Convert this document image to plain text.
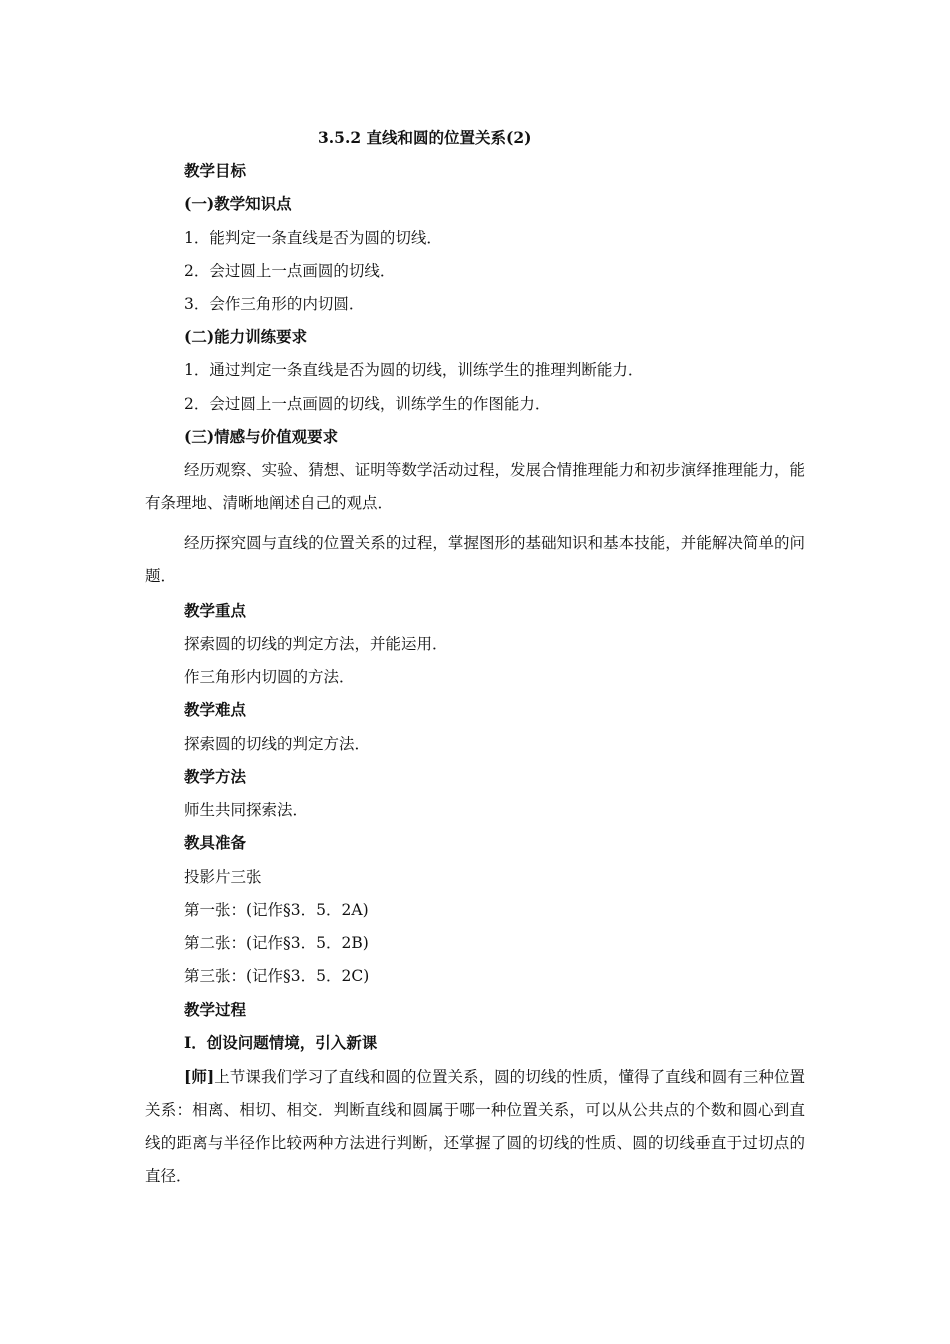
3.5.2 直线和圆的位置关系(2)
教学目标
(一)教学知识点
1．能判定一条直线是否为圆的切线．
2．会过圆上一点画圆的切线．
3．会作三角形的内切圆．
(二)能力训练要求
1．通过判定一条直线是否为圆的切线，训练学生的推理判断能力．
2．会过圆上一点画圆的切线，训练学生的作图能力．
(三)情感与价值观要求
经历观察、实验、猜想、证明等数学活动过程，发展合情推理能力和初步演绎推理能力，能有条理地、清晰地阐述自己的观点．
经历探究圆与直线的位置关系的过程，掌握图形的基础知识和基本技能，并能解决简单的问题．
教学重点
探索圆的切线的判定方法，并能运用．
作三角形内切圆的方法．
教学难点
探索圆的切线的判定方法．
教学方法
师生共同探索法．
教具准备
投影片三张
第一张：(记作§3．5．2A)
第二张：(记作§3．5．2B)
第三张：(记作§3．5．2C)
教学过程
Ⅰ．创设问题情境，引入新课
[师]上节课我们学习了直线和圆的位置关系，圆的切线的性质，懂得了直线和圆有三种位置关系：相离、相切、相交．判断直线和圆属于哪一种位置关系，可以从公共点的个数和圆心到直线的距离与半径作比较两种方法进行判断，还掌握了圆的切线的性质、圆的切线垂直于过切点的直径．
